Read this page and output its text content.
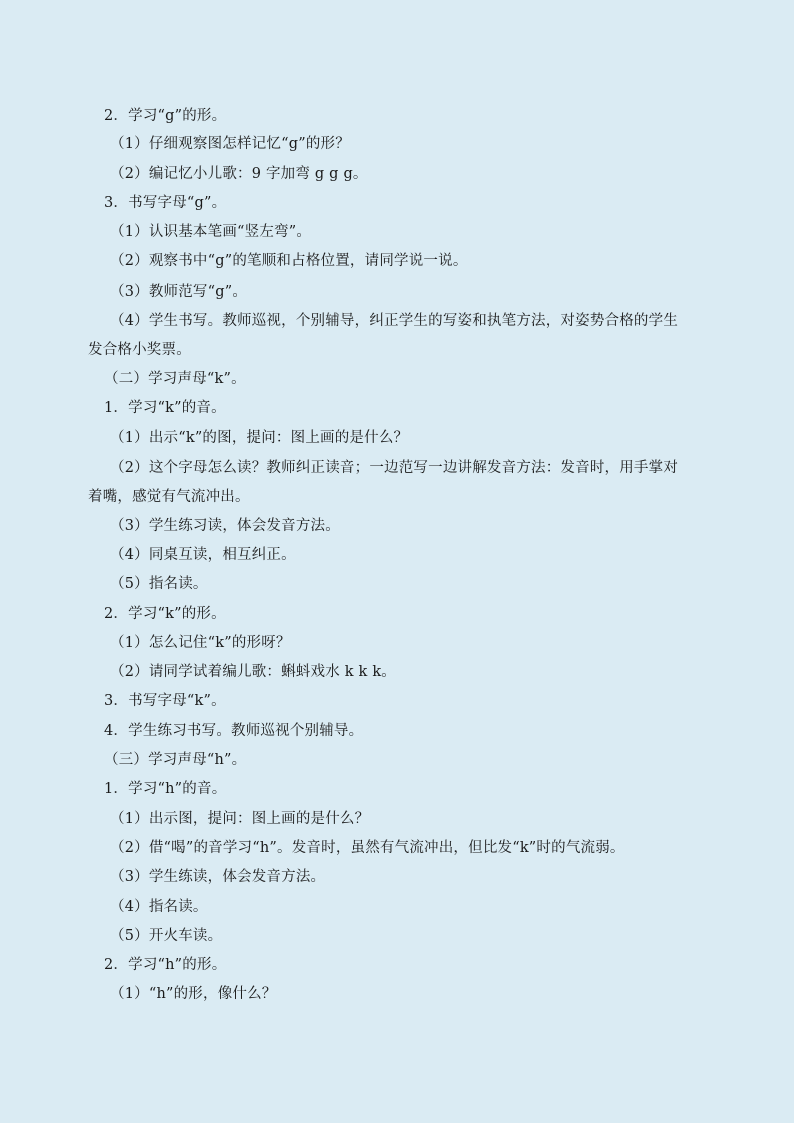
2．学习“g”的形。
（1）仔细观察图怎样记忆“g”的形？
（2）编记忆小儿歌：9 字加弯 g g g。
3．书写字母“g”。
（1）认识基本笔画“竖左弯”。
（2）观察书中“g”的笔顺和占格位置，请同学说一说。
（3）教师范写“g”。
（4）学生书写。教师巡视，个别辅导，纠正学生的写姿和执笔方法，对姿势合格的学生
发合格小奖票。
（二）学习声母“k”。
1．学习“k”的音。
（1）出示“k”的图，提问：图上画的是什么？
（2）这个字母怎么读？教师纠正读音；一边范写一边讲解发音方法：发音时，用手掌对
着嘴，感觉有气流冲出。
（3）学生练习读，体会发音方法。
（4）同桌互读，相互纠正。
（5）指名读。
2．学习“k”的形。
（1）怎么记住“k”的形呀？
（2）请同学试着编儿歌：蝌蚪戏水 k k k。
3．书写字母“k”。
4．学生练习书写。教师巡视个别辅导。
（三）学习声母“h”。
1．学习“h”的音。
（1）出示图，提问：图上画的是什么？
（2）借“喝”的音学习“h”。发音时，虽然有气流冲出，但比发“k”时的气流弱。
（3）学生练读，体会发音方法。
（4）指名读。
（5）开火车读。
2．学习“h”的形。
（1）“h”的形，像什么？
